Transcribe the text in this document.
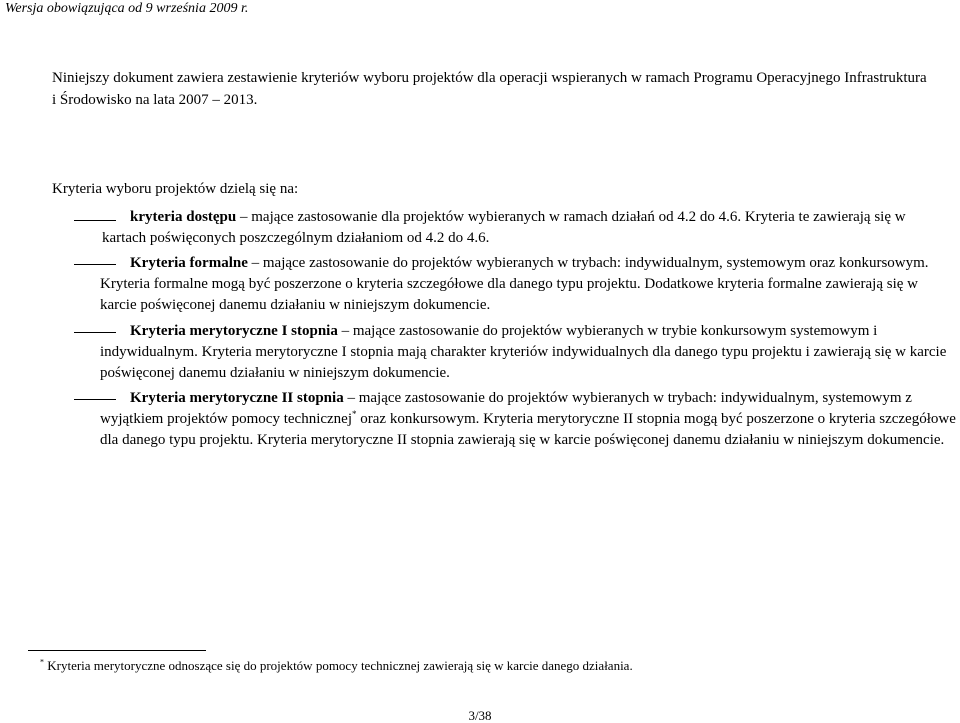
Wersja obowiązująca od 9 września 2009 r.

Niniejszy dokument zawiera zestawienie kryteriów wyboru projektów dla operacji wspieranych w ramach Programu Operacyjnego Infrastruktura i Środowisko na lata 2007 – 2013.

Kryteria wyboru projektów dzielą się na:

kryteria dostępu – mające zastosowanie dla projektów wybieranych w ramach działań od 4.2 do 4.6. Kryteria te zawierają się w
kartach poświęconych poszczególnym działaniom od 4.2 do 4.6.

Kryteria formalne – mające zastosowanie do projektów wybieranych w trybach: indywidualnym, systemowym oraz konkursowym. Kryteria formalne mogą być poszerzone o kryteria szczegółowe dla danego typu projektu. Dodatkowe kryteria formalne zawierają się w karcie poświęconej danemu działaniu w niniejszym dokumencie.

Kryteria merytoryczne I stopnia – mające zastosowanie do projektów wybieranych w trybie konkursowym systemowym i indywidualnym. Kryteria merytoryczne I stopnia mają charakter kryteriów indywidualnych dla danego typu projektu i zawierają się w karcie poświęconej danemu działaniu w niniejszym dokumencie.

Kryteria merytoryczne II stopnia – mające zastosowanie do projektów wybieranych w trybach: indywidualnym, systemowym z wyjątkiem projektów pomocy technicznej* oraz konkursowym. Kryteria merytoryczne II stopnia mogą być poszerzone o kryteria szczegółowe dla danego typu projektu. Kryteria merytoryczne II stopnia zawierają się w karcie poświęconej danemu działaniu w niniejszym dokumencie.

* Kryteria merytoryczne odnoszące się do projektów pomocy technicznej zawierają się w karcie danego działania.
3/38
